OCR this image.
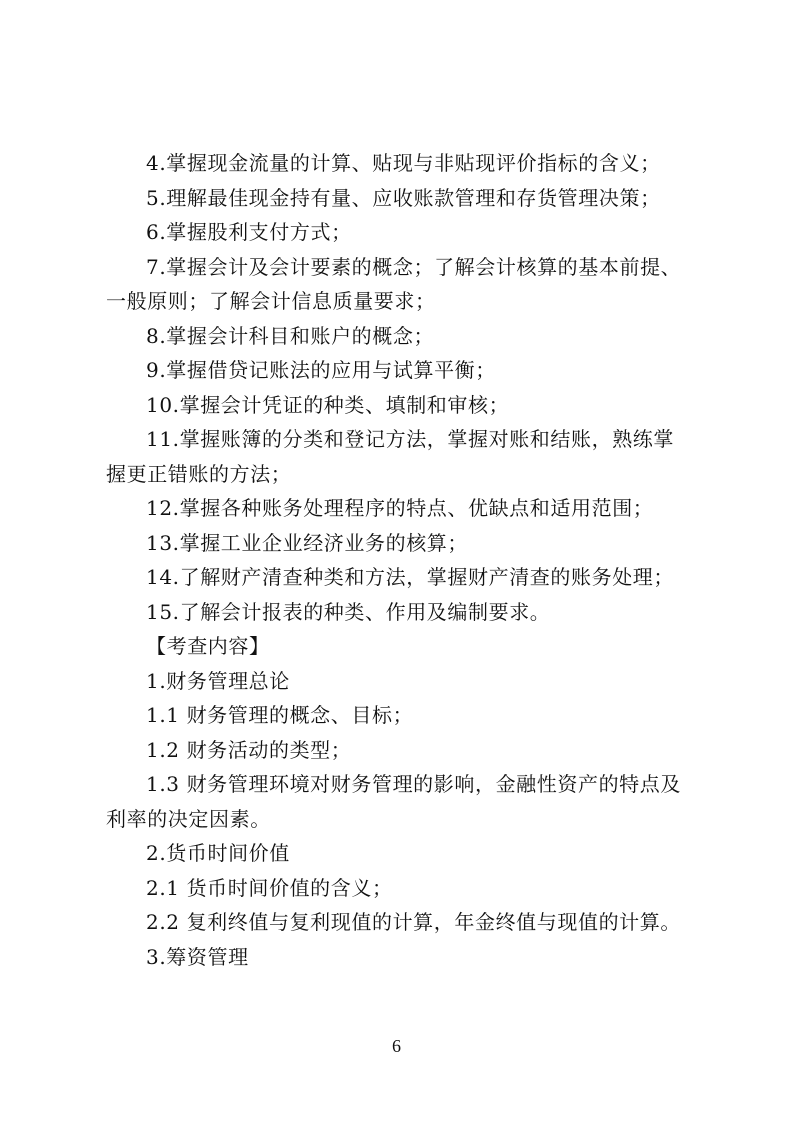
4.掌握现金流量的计算、贴现与非贴现评价指标的含义；
5.理解最佳现金持有量、应收账款管理和存货管理决策；
6.掌握股利支付方式；
7.掌握会计及会计要素的概念；了解会计核算的基本前提、
一般原则；了解会计信息质量要求；
8.掌握会计科目和账户的概念；
9.掌握借贷记账法的应用与试算平衡；
10.掌握会计凭证的种类、填制和审核；
11.掌握账簿的分类和登记方法，掌握对账和结账，熟练掌
握更正错账的方法；
12.掌握各种账务处理程序的特点、优缺点和适用范围；
13.掌握工业企业经济业务的核算；
14.了解财产清查种类和方法，掌握财产清查的账务处理；
15.了解会计报表的种类、作用及编制要求。
【考查内容】
1.财务管理总论
1.1 财务管理的概念、目标；
1.2 财务活动的类型；
1.3 财务管理环境对财务管理的影响，金融性资产的特点及
利率的决定因素。
2.货币时间价值
2.1 货币时间价值的含义；
2.2 复利终值与复利现值的计算，年金终值与现值的计算。
3.筹资管理
6
